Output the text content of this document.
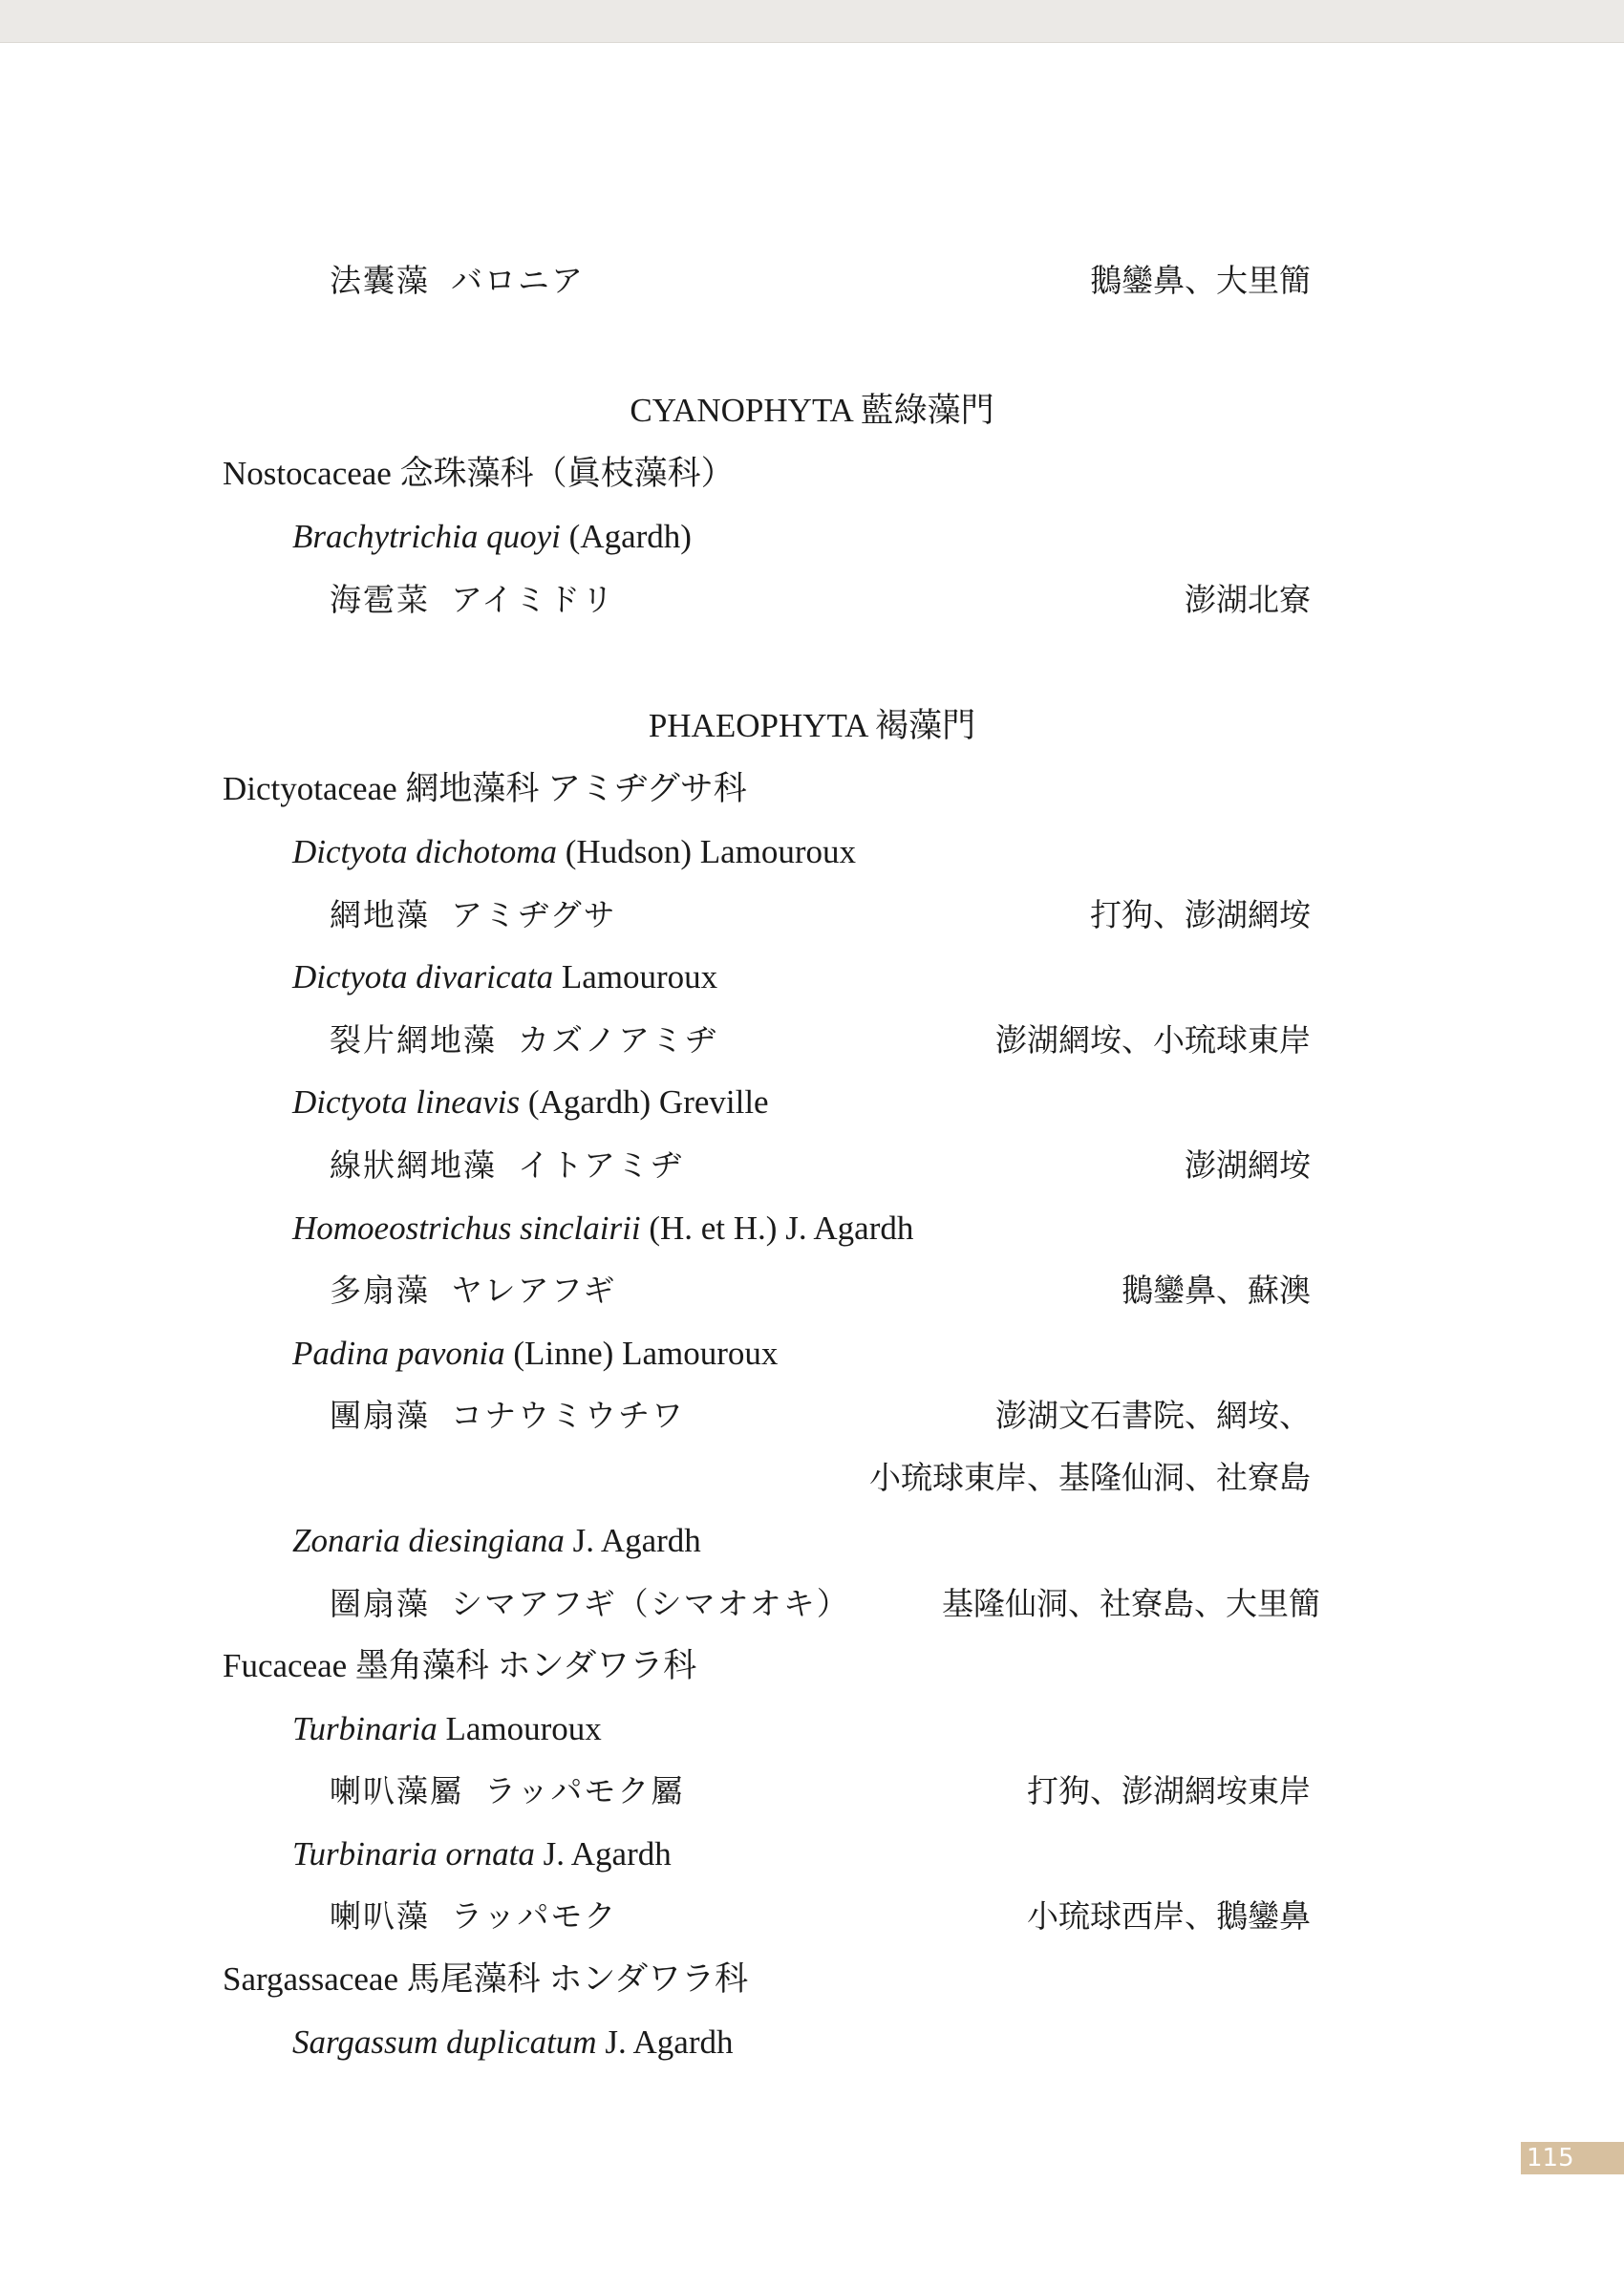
法囊藻 バロニア	鵝鑾鼻、大里簡
CYANOPHYTA 藍綠藻門
Nostocaceae 念珠藻科（眞枝藻科）
Brachytrichia quoyi (Agardh)
海雹菜 アイミドリ	澎湖北寮
PHAEOPHYTA 褐藻門
Dictyotaceae 網地藻科 アミヂグサ科
Dictyota dichotoma (Hudson) Lamouroux
網地藻 アミヂグサ	打狗、澎湖網垵
Dictyota divaricata Lamouroux
裂片網地藻 カズノアミヂ	澎湖網垵、小琉球東岸
Dictyota lineavis (Agardh) Greville
線狀網地藻 イトアミヂ	澎湖網垵
Homoeostrichus sinclairii (H. et H.) J. Agardh
多扇藻 ヤレアフギ	鵝鑾鼻、蘇澳
Padina pavonia (Linne) Lamouroux
團扇藻 コナウミウチワ	澎湖文石書院、網垵、
小琉球東岸、基隆仙洞、社寮島
Zonaria diesingiana J. Agardh
圈扇藻 シマアフギ（シマオオキ）	基隆仙洞、社寮島、大里簡
Fucaceae 墨角藻科 ホンダワラ科
Turbinaria Lamouroux
喇叭藻屬 ラッパモク屬	打狗、澎湖網垵東岸
Turbinaria ornata J. Agardh
喇叭藻 ラッパモク	小琉球西岸、鵝鑾鼻
Sargassaceae 馬尾藻科 ホンダワラ科
Sargassum duplicatum J. Agardh
115
